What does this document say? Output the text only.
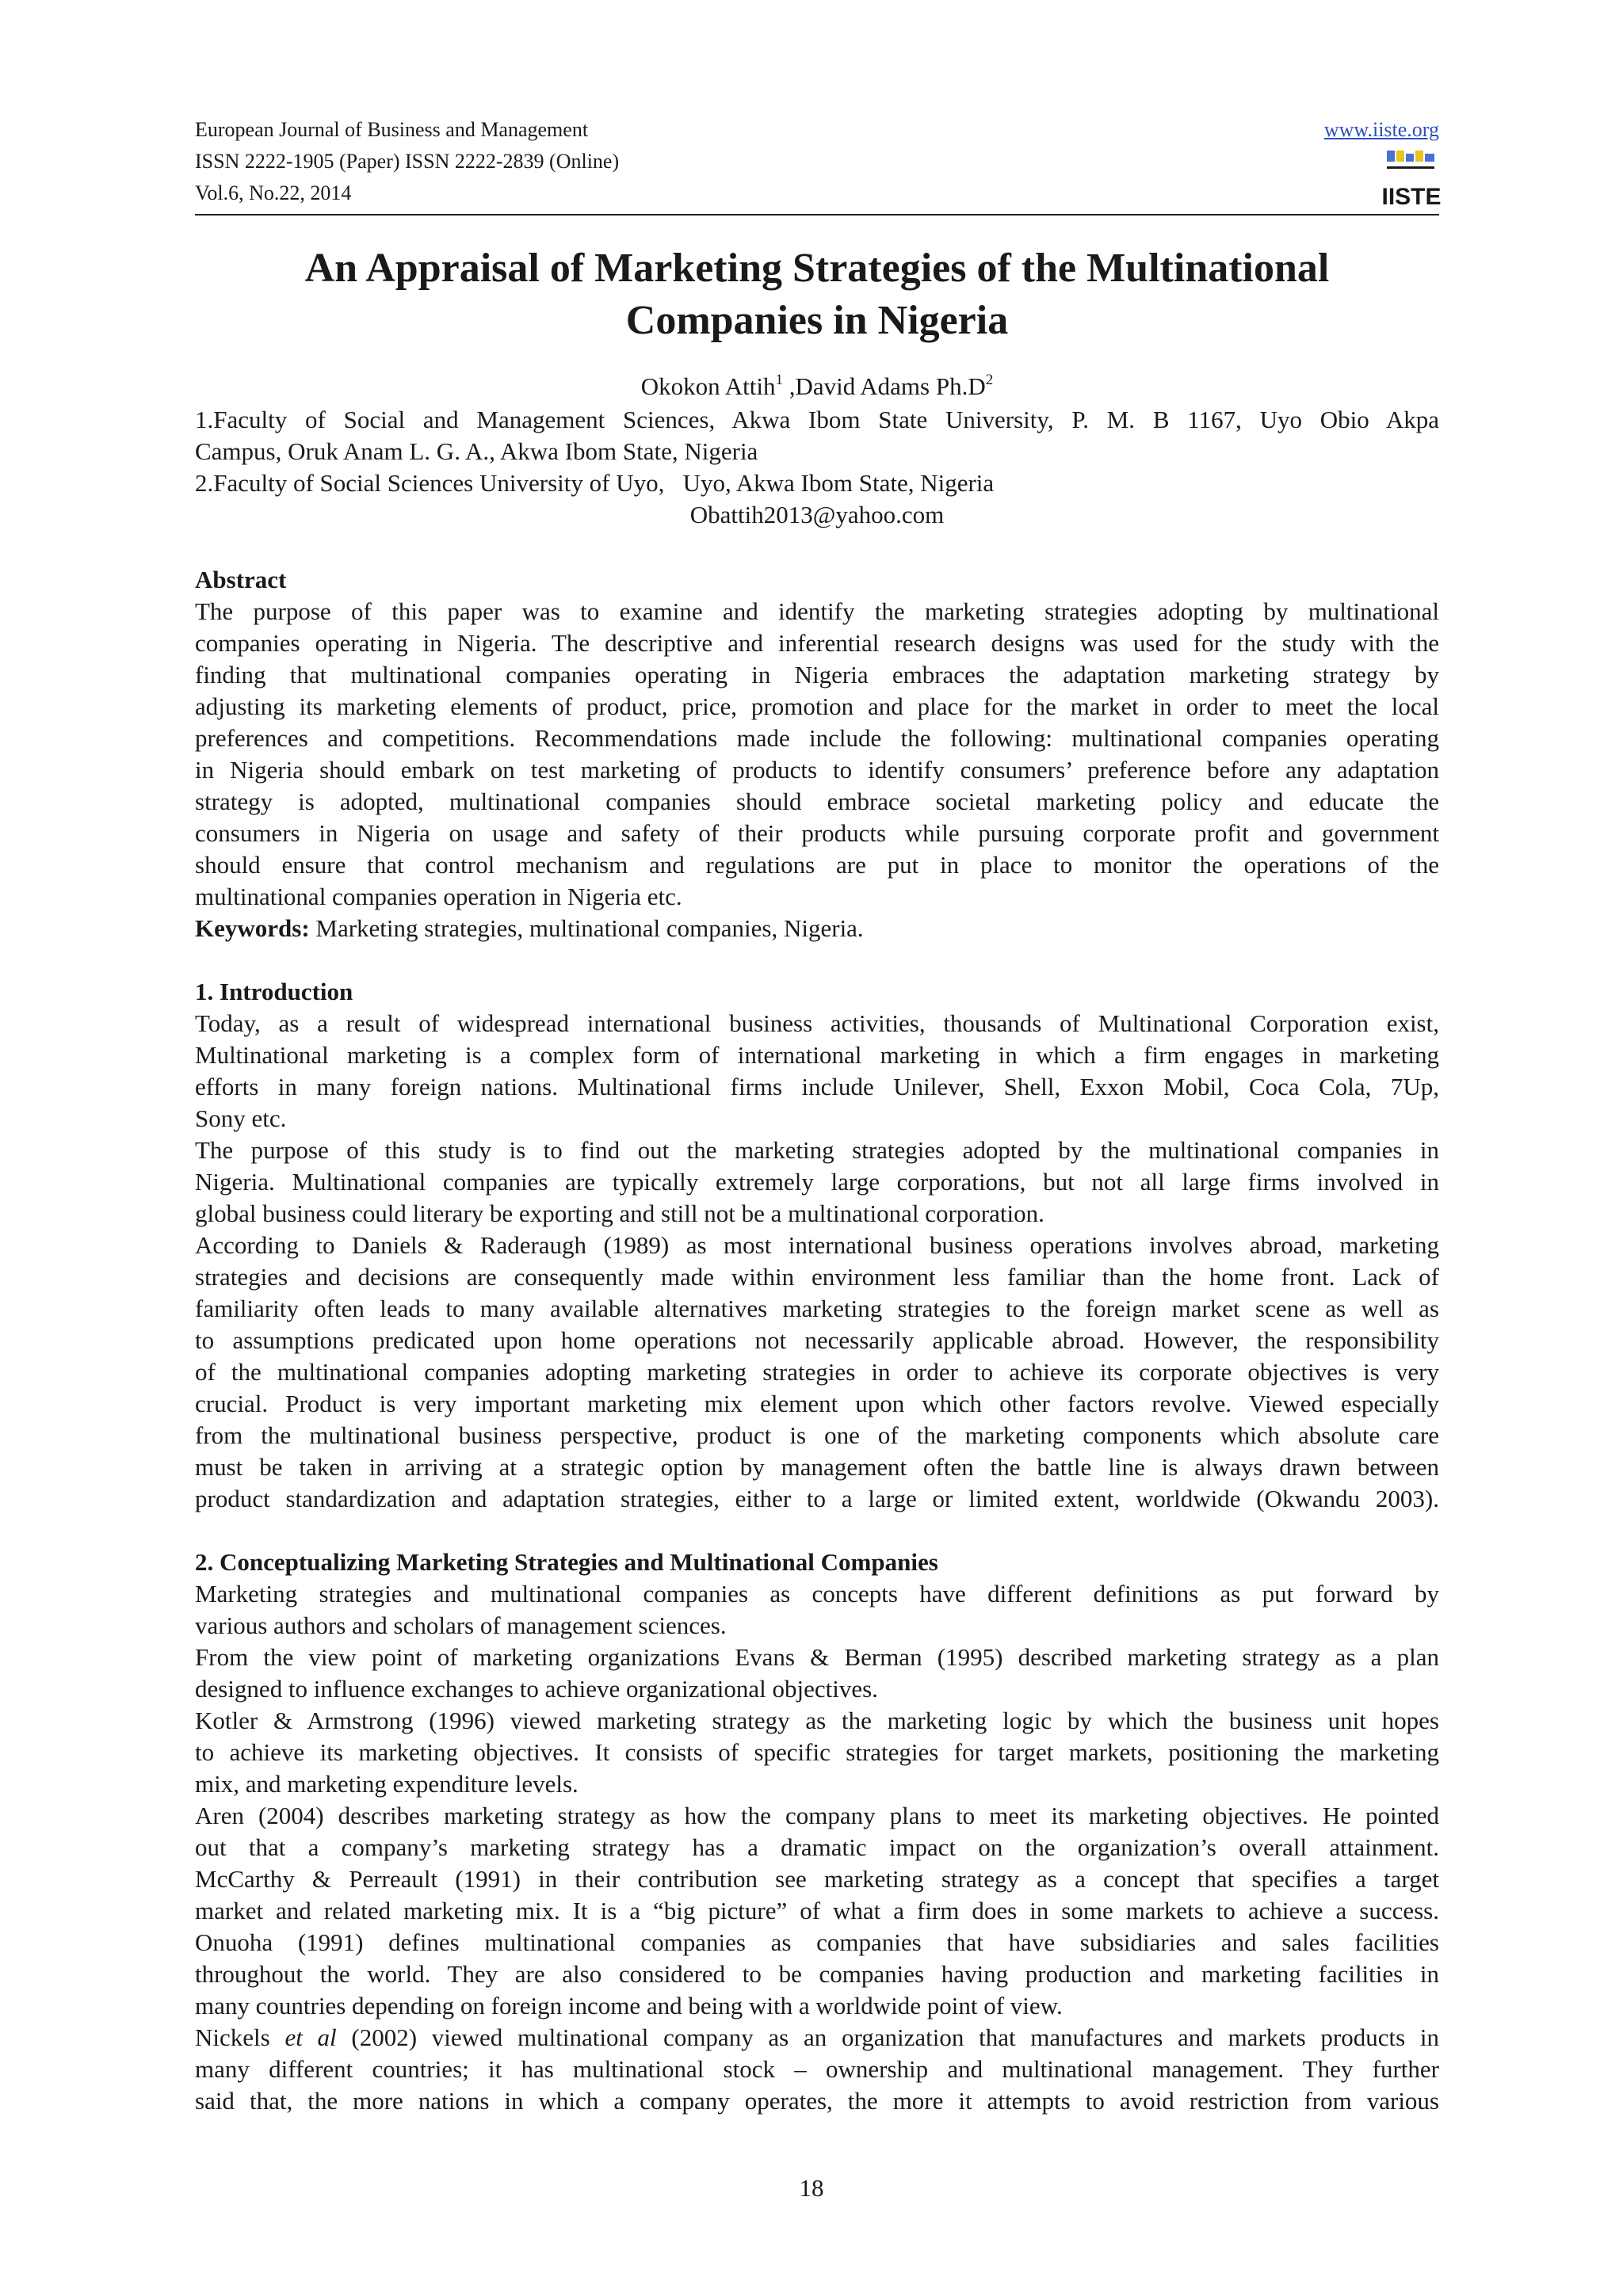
European Journal of Business and Management
ISSN 2222-1905 (Paper) ISSN 2222-2839 (Online)
Vol.6, No.22, 2014
www.iiste.org
IISTE
An Appraisal of Marketing Strategies of the Multinational
Companies in Nigeria
Okokon Attih$^1$ ,David Adams $Ph.D^2$
1.Faculty of Social and Management Sciences, Akwa Ibom State University, P. M. B 1167, Uyo Obio Akpa
Campus, Oruk Anam L. G. A., Akwa Ibom State, Nigeria
2.Faculty of Social Sciences University of Uyo,   Uyo, Akwa Ibom State, Nigeria
Obattih2013@yahoo.com
Abstract
The purpose of this paper was to examine and identify the marketing strategies adopting by multinational
companies operating in Nigeria. The descriptive and inferential research designs was used for the study with the
finding that multinational companies operating in Nigeria embraces the adaptation marketing strategy by
adjusting its marketing elements of product, price, promotion and place for the market in order to meet the local
preferences and competitions. Recommendations made include the following: multinational companies operating
in Nigeria should embark on test marketing of products to identify consumers’ preference before any adaptation
strategy is adopted, multinational companies should embrace societal marketing policy and educate the
consumers in Nigeria on usage and safety of their products while pursuing corporate profit and government
should ensure that control mechanism and regulations are put in place to monitor the operations of the
multinational companies operation in Nigeria etc.
Keywords: Marketing strategies, multinational companies, Nigeria.
1. Introduction
Today, as a result of widespread international business activities, thousands of Multinational Corporation exist,
Multinational marketing is a complex form of international marketing in which a firm engages in marketing
efforts in many foreign nations. Multinational firms include Unilever, Shell, Exxon Mobil, Coca Cola, 7Up,
Sony etc.
The purpose of this study is to find out the marketing strategies adopted by the multinational companies in
Nigeria. Multinational companies are typically extremely large corporations, but not all large firms involved in
global business could literary be exporting and still not be a multinational corporation.
According to Daniels & Raderaugh (1989) as most international business operations involves abroad, marketing
strategies and decisions are consequently made within environment less familiar than the home front. Lack of
familiarity often leads to many available alternatives marketing strategies to the foreign market scene as well as
to assumptions predicated upon home operations not necessarily applicable abroad. However, the responsibility
of the multinational companies adopting marketing strategies in order to achieve its corporate objectives is very
crucial. Product is very important marketing mix element upon which other factors revolve. Viewed especially
from the multinational business perspective, product is one of the marketing components which absolute care
must be taken in arriving at a strategic option by management often the battle line is always drawn between
product standardization and adaptation strategies, either to a large or limited extent, worldwide (Okwandu 2003).
2. Conceptualizing Marketing Strategies and Multinational Companies
Marketing strategies and multinational companies as concepts have different definitions as put forward by
various authors and scholars of management sciences.
From the view point of marketing organizations Evans & Berman (1995) described marketing strategy as a plan
designed to influence exchanges to achieve organizational objectives.
Kotler & Armstrong (1996) viewed marketing strategy as the marketing logic by which the business unit hopes
to achieve its marketing objectives. It consists of specific strategies for target markets, positioning the marketing
mix, and marketing expenditure levels.
Aren (2004) describes marketing strategy as how the company plans to meet its marketing objectives. He pointed
out that a company’s marketing strategy has a dramatic impact on the organization’s overall attainment.
McCarthy & Perreault (1991) in their contribution see marketing strategy as a concept that specifies a target
market and related marketing mix. It is a “big picture” of what a firm does in some markets to achieve a success.
Onuoha (1991) defines multinational companies as companies that have subsidiaries and sales facilities
throughout the world. They are also considered to be companies having production and marketing facilities in
many countries depending on foreign income and being with a worldwide point of view.
Nickels et al (2002) viewed multinational company as an organization that manufactures and markets products in
many different countries; it has multinational stock – ownership and multinational management. They further
said that, the more nations in which a company operates, the more it attempts to avoid restriction from various
18
